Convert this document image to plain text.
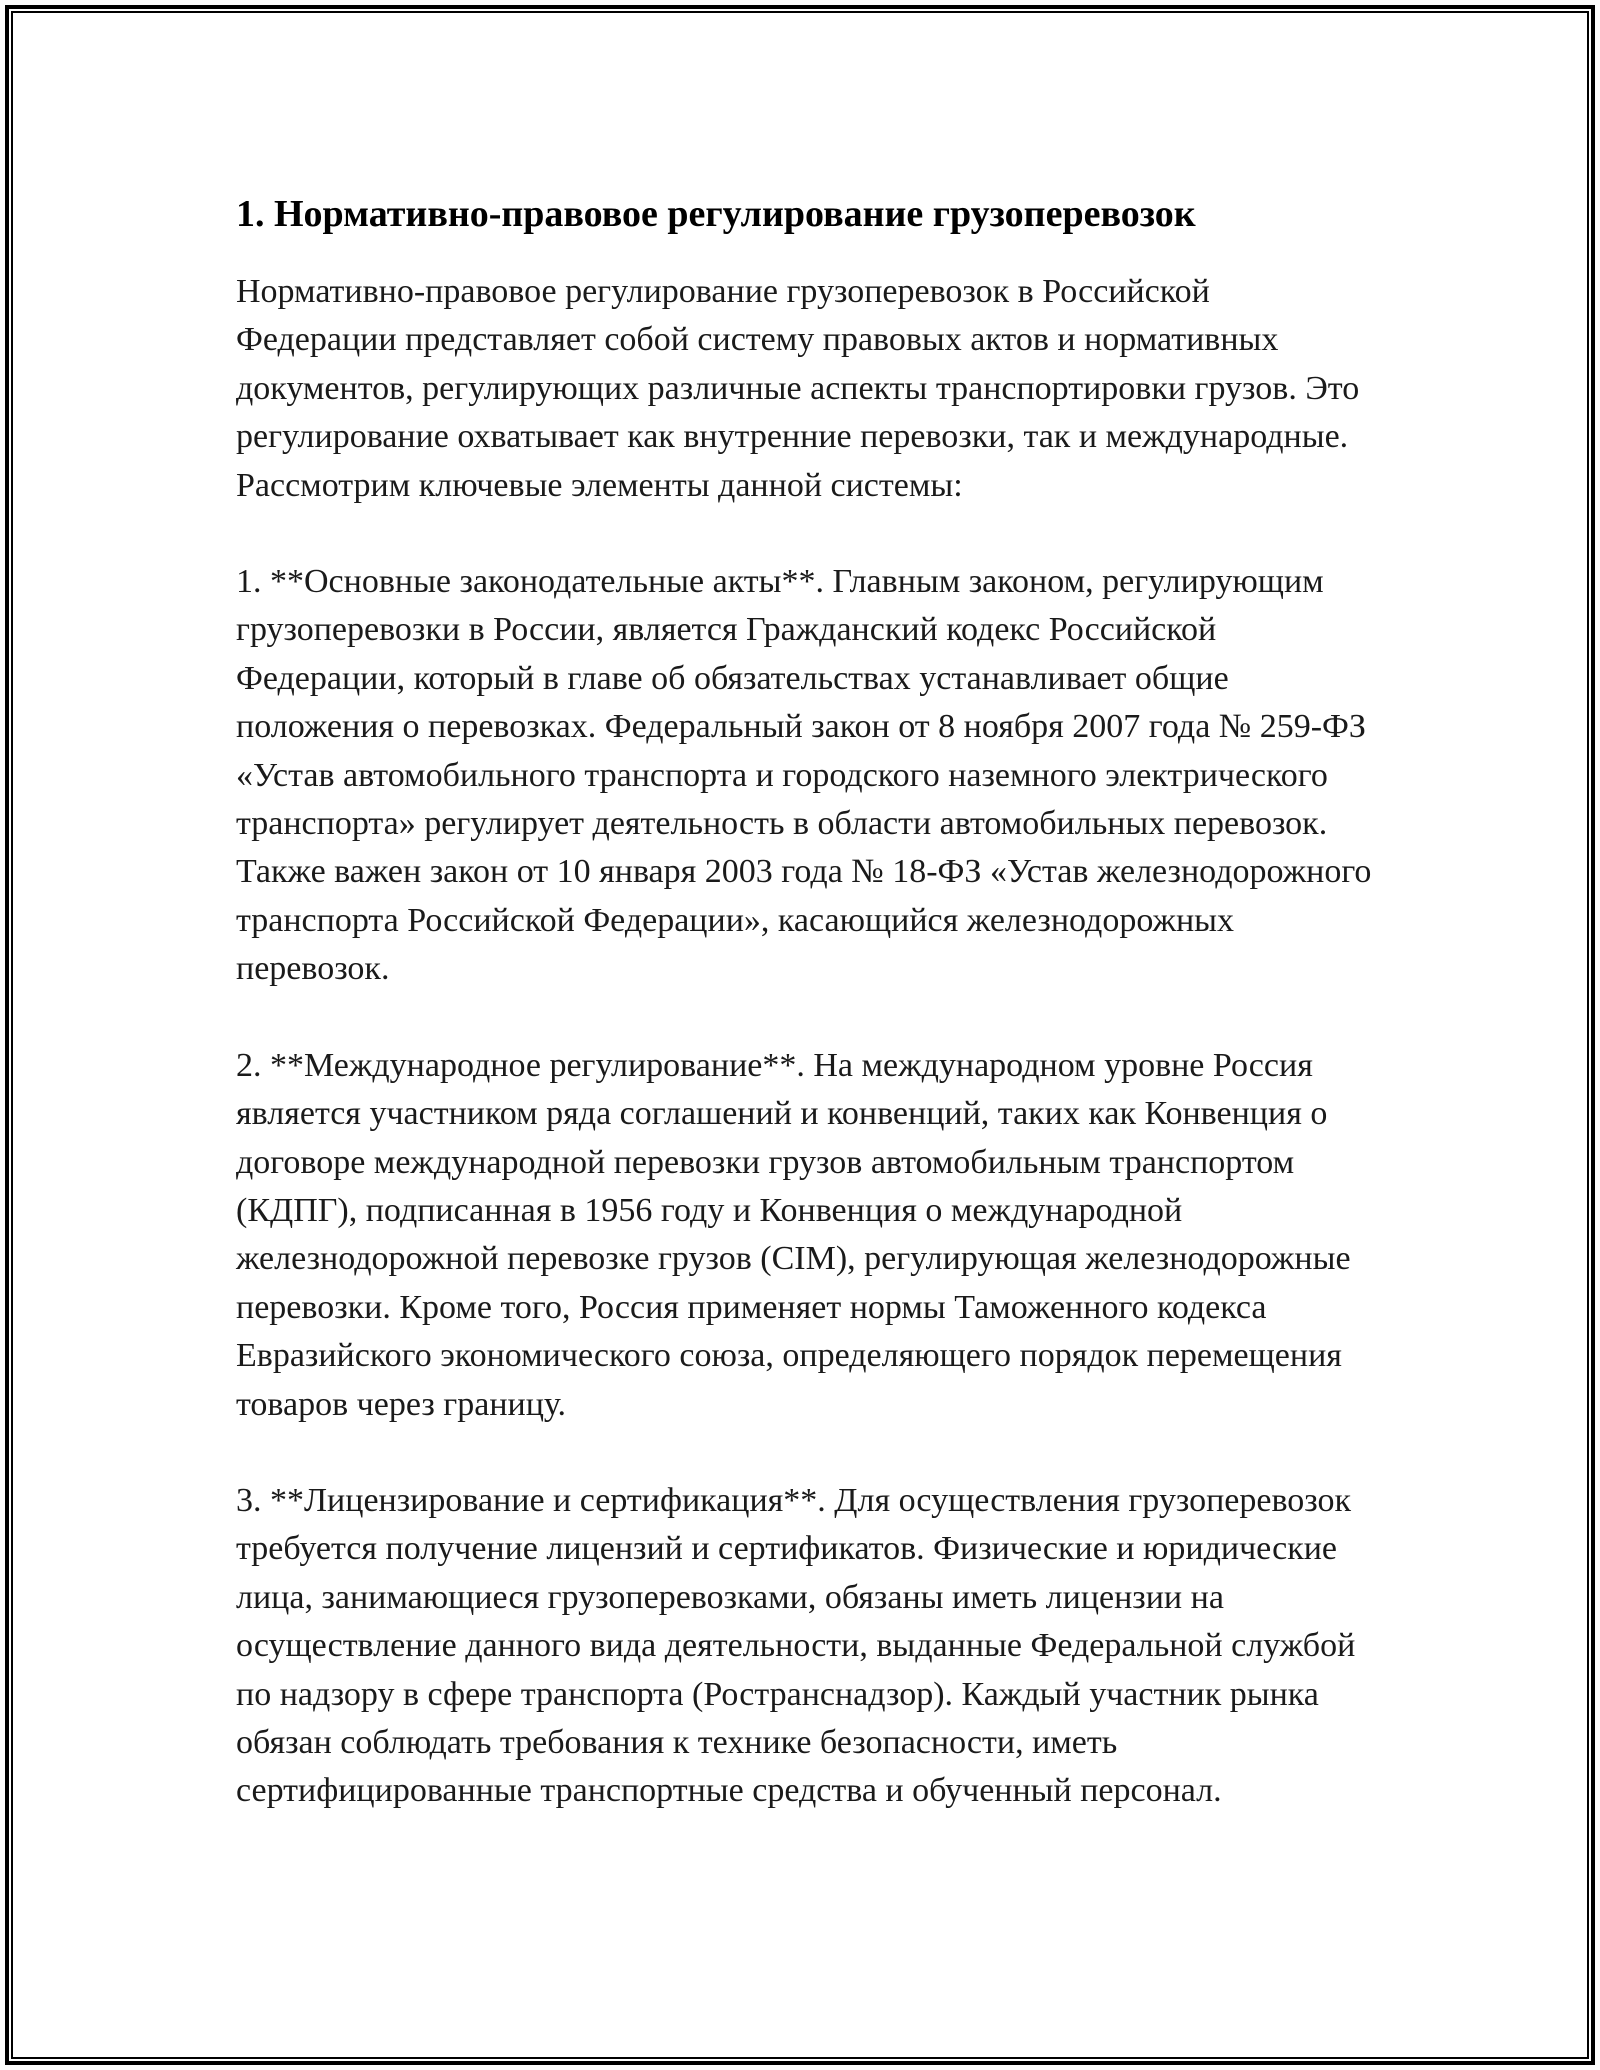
1. Нормативно-правовое регулирование грузоперевозок

Нормативно-правовое регулирование грузоперевозок в Российской Федерации представляет собой систему правовых актов и нормативных документов, регулирующих различные аспекты транспортировки грузов. Это регулирование охватывает как внутренние перевозки, так и международные. Рассмотрим ключевые элементы данной системы:

1. **Основные законодательные акты**. Главным законом, регулирующим грузоперевозки в России, является Гражданский кодекс Российской Федерации, который в главе об обязательствах устанавливает общие положения о перевозках. Федеральный закон от 8 ноября 2007 года № 259-ФЗ «Устав автомобильного транспорта и городского наземного электрического транспорта» регулирует деятельность в области автомобильных перевозок. Также важен закон от 10 января 2003 года № 18-ФЗ «Устав железнодорожного транспорта Российской Федерации», касающийся железнодорожных перевозок.

2. **Международное регулирование**. На международном уровне Россия является участником ряда соглашений и конвенций, таких как Конвенция о договоре международной перевозки грузов автомобильным транспортом (КДПГ), подписанная в 1956 году и Конвенция о международной железнодорожной перевозке грузов (CIM), регулирующая железнодорожные перевозки. Кроме того, Россия применяет нормы Таможенного кодекса Евразийского экономического союза, определяющего порядок перемещения товаров через границу.

3. **Лицензирование и сертификация**. Для осуществления грузоперевозок требуется получение лицензий и сертификатов. Физические и юридические лица, занимающиеся грузоперевозками, обязаны иметь лицензии на осуществление данного вида деятельности, выданные Федеральной службой по надзору в сфере транспорта (Ространснадзор). Каждый участник рынка обязан соблюдать требования к технике безопасности, иметь сертифицированные транспортные средства и обученный персонал.
